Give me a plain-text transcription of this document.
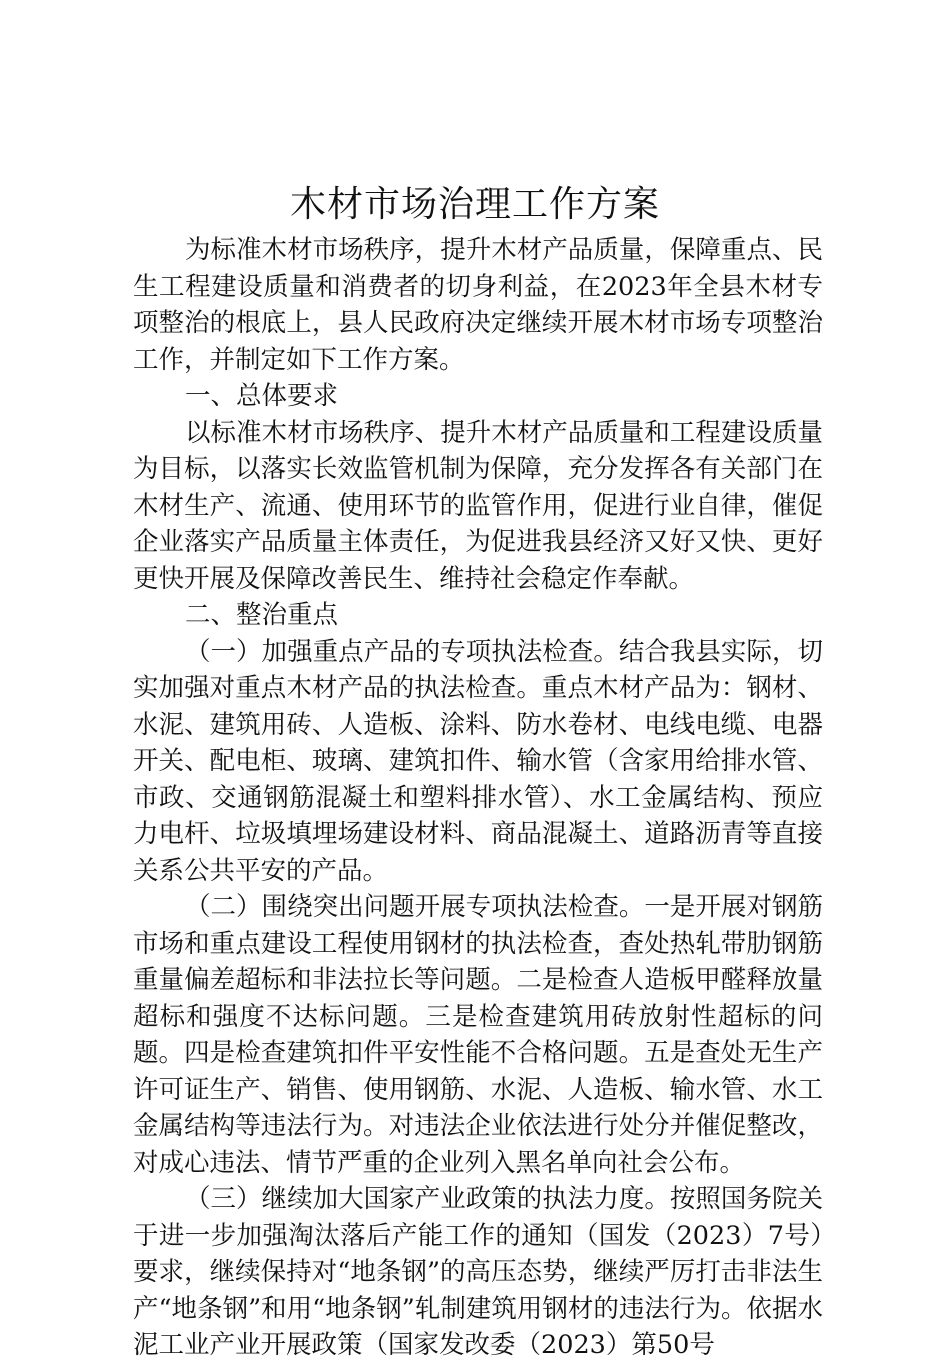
木材市场治理工作方案

为标准木材市场秩序，提升木材产品质量，保障重点、民生工程建设质量和消费者的切身利益，在2023年全县木材专项整治的根底上，县人民政府决定继续开展木材市场专项整治工作，并制定如下工作方案。

一、总体要求

以标准木材市场秩序、提升木材产品质量和工程建设质量为目标，以落实长效监管机制为保障，充分发挥各有关部门在木材生产、流通、使用环节的监管作用，促进行业自律，催促企业落实产品质量主体责任，为促进我县经济又好又快、更好更快开展及保障改善民生、维持社会稳定作奉献。

二、整治重点

（一）加强重点产品的专项执法检查。结合我县实际，切实加强对重点木材产品的执法检查。重点木材产品为：钢材、水泥、建筑用砖、人造板、涂料、防水卷材、电线电缆、电器开关、配电柜、玻璃、建筑扣件、输水管（含家用给排水管、市政、交通钢筋混凝土和塑料排水管）、水工金属结构、预应力电杆、垃圾填埋场建设材料、商品混凝土、道路沥青等直接关系公共平安的产品。

（二）围绕突出问题开展专项执法检查。一是开展对钢筋市场和重点建设工程使用钢材的执法检查，查处热轧带肋钢筋重量偏差超标和非法拉长等问题。二是检查人造板甲醛释放量超标和强度不达标问题。三是检查建筑用砖放射性超标的问题。四是检查建筑扣件平安性能不合格问题。五是查处无生产许可证生产、销售、使用钢筋、水泥、人造板、输水管、水工金属结构等违法行为。对违法企业依法进行处分并催促整改，对成心违法、情节严重的企业列入黑名单向社会公布。

（三）继续加大国家产业政策的执法力度。按照国务院关于进一步加强淘汰落后产能工作的通知（国发（2023）7号）要求，继续保持对“地条钢”的高压态势，继续严厉打击非法生产“地条钢”和用“地条钢”轧制建筑用钢材的违法行为。依据水泥工业产业开展政策（国家发改委（2023）第50号
